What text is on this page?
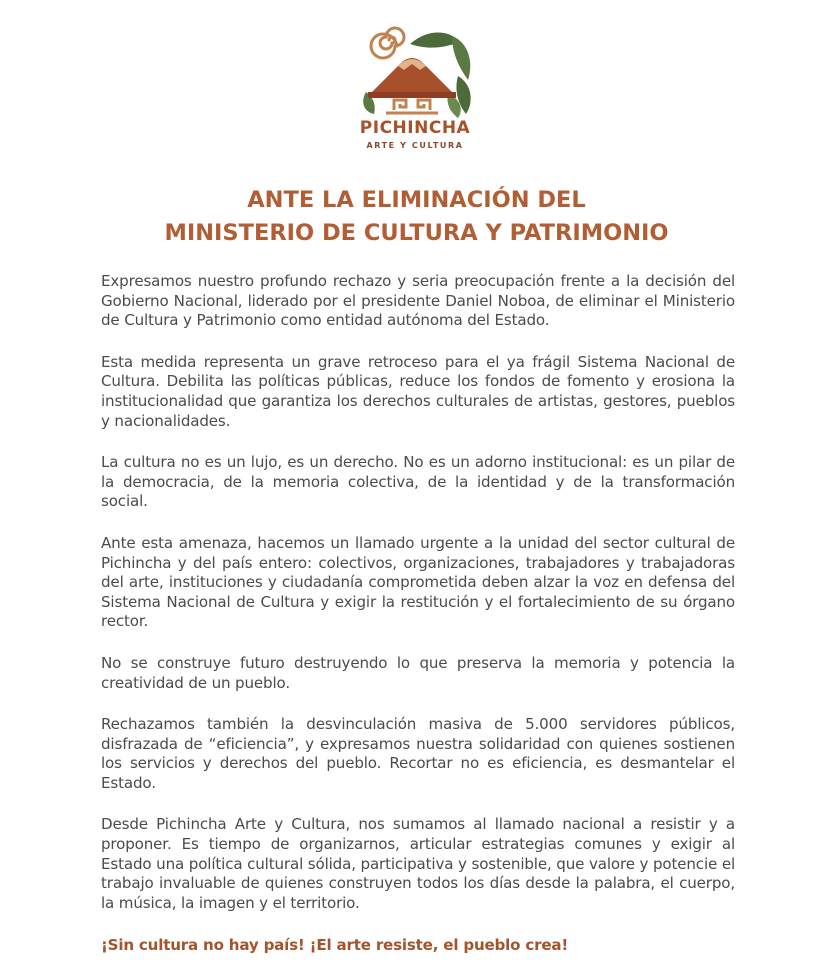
PICHINCHA
ARTE Y CULTURA
ANTE LA ELIMINACIÓN DEL
MINISTERIO DE CULTURA Y PATRIMONIO

Expresamos nuestro profundo rechazo y seria preocupación frente a la decisión del Gobierno Nacional, liderado por el presidente Daniel Noboa, de eliminar el Ministerio de Cultura y Patrimonio como entidad autónoma del Estado.

Esta medida representa un grave retroceso para el ya frágil Sistema Nacional de Cultura. Debilita las políticas públicas, reduce los fondos de fomento y erosiona la institucionalidad que garantiza los derechos culturales de artistas, gestores, pueblos y nacionalidades.

La cultura no es un lujo, es un derecho. No es un adorno institucional: es un pilar de la democracia, de la memoria colectiva, de la identidad y de la transformación social.

Ante esta amenaza, hacemos un llamado urgente a la unidad del sector cultural de Pichincha y del país entero: colectivos, organizaciones, trabajadores y trabajadoras del arte, instituciones y ciudadanía comprometida deben alzar la voz en defensa del Sistema Nacional de Cultura y exigir la restitución y el fortalecimiento de su órgano rector.

No se construye futuro destruyendo lo que preserva la memoria y potencia la creatividad de un pueblo.

Rechazamos también la desvinculación masiva de 5.000 servidores públicos, disfrazada de “eficiencia”, y expresamos nuestra solidaridad con quienes sostienen los servicios y derechos del pueblo. Recortar no es eficiencia, es desmantelar el Estado.

Desde Pichincha Arte y Cultura, nos sumamos al llamado nacional a resistir y a proponer. Es tiempo de organizarnos, articular estrategias comunes y exigir al Estado una política cultural sólida, participativa y sostenible, que valore y potencie el trabajo invaluable de quienes construyen todos los días desde la palabra, el cuerpo, la música, la imagen y el territorio.

¡Sin cultura no hay país! ¡El arte resiste, el pueblo crea!
